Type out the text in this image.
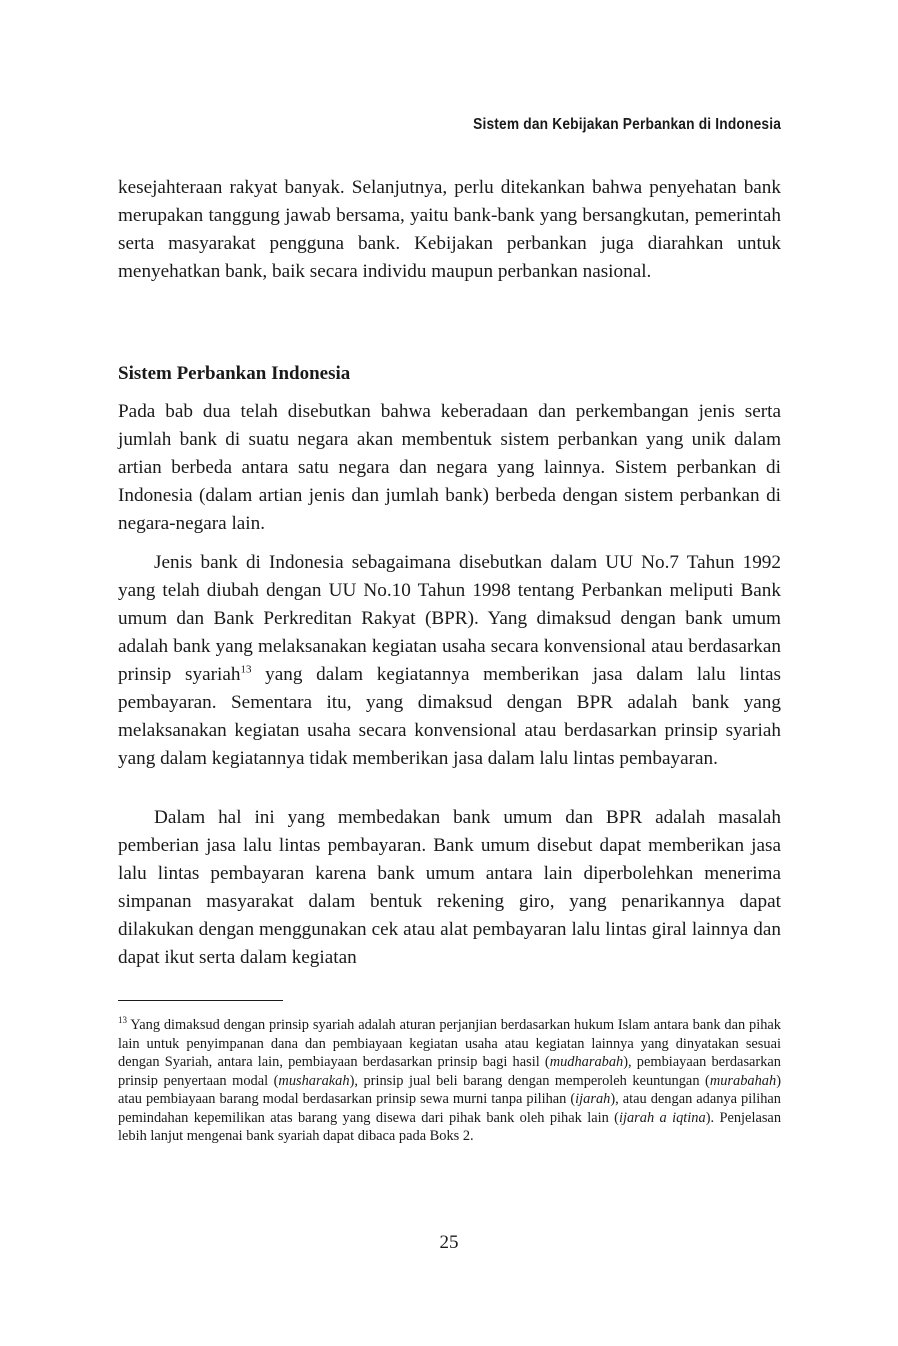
Sistem dan Kebijakan Perbankan di Indonesia

kesejahteraan rakyat banyak. Selanjutnya, perlu ditekankan bahwa penyehatan bank merupakan tanggung jawab bersama, yaitu bank-bank yang bersangkutan, pemerintah serta masyarakat pengguna bank. Kebijakan perbankan juga diarahkan untuk menyehatkan bank, baik secara individu maupun perbankan nasional.

Sistem Perbankan Indonesia

Pada bab dua telah disebutkan bahwa keberadaan dan perkembangan jenis serta jumlah bank di suatu negara akan membentuk sistem perbankan yang unik dalam artian berbeda antara satu negara dan negara yang lainnya. Sistem perbankan di Indonesia (dalam artian jenis dan jumlah bank) berbeda dengan sistem perbankan di negara-negara lain.

Jenis bank di Indonesia sebagaimana disebutkan dalam UU No.7 Tahun 1992 yang telah diubah dengan UU No.10 Tahun 1998 tentang Perbankan meliputi Bank umum dan Bank Perkreditan Rakyat (BPR). Yang dimaksud dengan bank umum adalah bank yang melaksanakan kegiatan usaha secara konvensional atau berdasarkan prinsip syariah$^{13}$ yang dalam kegiatannya memberikan jasa dalam lalu lintas pembayaran. Sementara itu, yang dimaksud dengan BPR adalah bank yang melaksanakan kegiatan usaha secara konvensional atau berdasarkan prinsip syariah yang dalam kegiatannya tidak memberikan jasa dalam lalu lintas pembayaran.

Dalam hal ini yang membedakan bank umum dan BPR adalah masalah pemberian jasa lalu lintas pembayaran. Bank umum disebut dapat memberikan jasa lalu lintas pembayaran karena bank umum antara lain diperbolehkan menerima simpanan masyarakat dalam bentuk rekening giro, yang penarikannya dapat dilakukan dengan menggunakan cek atau alat pembayaran lalu lintas giral lainnya dan dapat ikut serta dalam kegiatan

$^{13}$ Yang dimaksud dengan prinsip syariah adalah aturan perjanjian berdasarkan hukum Islam antara bank dan pihak lain untuk penyimpanan dana dan pembiayaan kegiatan usaha atau kegiatan lainnya yang dinyatakan sesuai dengan Syariah, antara lain, pembiayaan berdasarkan prinsip bagi hasil (mudharabah), pembiayaan berdasarkan prinsip penyertaan modal (musharakah), prinsip jual beli barang dengan memperoleh keuntungan (murabahah) atau pembiayaan barang modal berdasarkan prinsip sewa murni tanpa pilihan (ijarah), atau dengan adanya pilihan pemindahan kepemilikan atas barang yang disewa dari pihak bank oleh pihak lain (ijarah a iqtina). Penjelasan lebih lanjut mengenai bank syariah dapat dibaca pada Boks 2.

25
